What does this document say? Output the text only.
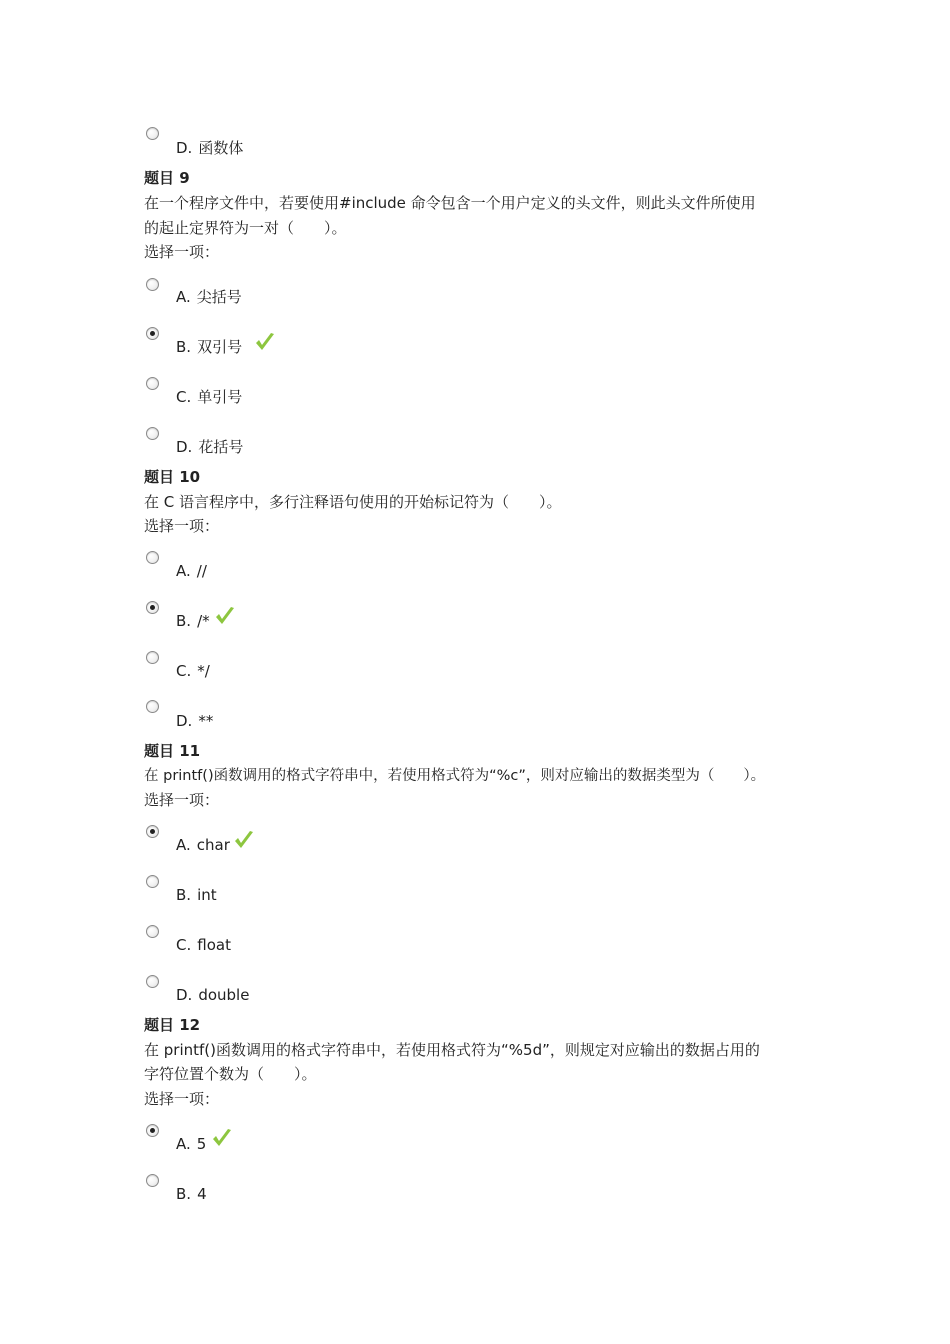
D. 函数体
题目 9
在一个程序文件中，若要使用#include 命令包含一个用户定义的头文件，则此头文件所使用
的起止定界符为一对（　　）。
选择一项：
A. 尖括号
B. 双引号
C. 单引号
D. 花括号
题目 10
在 C 语言程序中，多行注释语句使用的开始标记符为（　　）。
选择一项：
A. //
B. /*
C. */
D. **
题目 11
在 printf()函数调用的格式字符串中，若使用格式符为“%c”，则对应输出的数据类型为（　　）。
选择一项：
A. char
B. int
C. float
D. double
题目 12
在 printf()函数调用的格式字符串中，若使用格式符为“%5d”，则规定对应输出的数据占用的
字符位置个数为（　　）。
选择一项：
A. 5
B. 4
